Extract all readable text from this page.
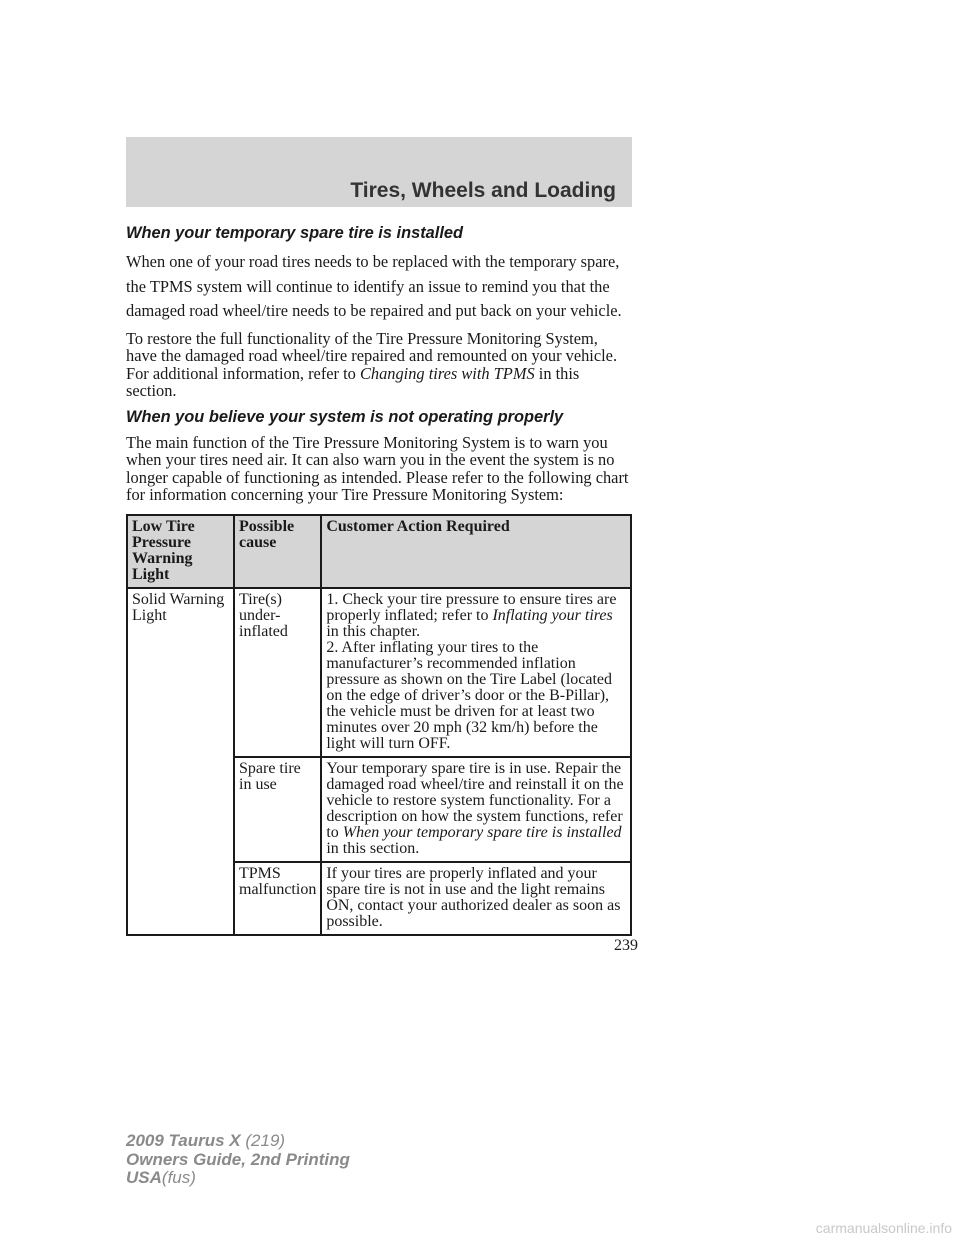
Tires, Wheels and Loading
When your temporary spare tire is installed

When one of your road tires needs to be replaced with the temporary spare, the TPMS system will continue to identify an issue to remind you that the damaged road wheel/tire needs to be repaired and put back on your vehicle.

To restore the full functionality of the Tire Pressure Monitoring System, have the damaged road wheel/tire repaired and remounted on your vehicle. For additional information, refer to Changing tires with TPMS in this section.

When you believe your system is not operating properly

The main function of the Tire Pressure Monitoring System is to warn you when your tires need air. It can also warn you in the event the system is no longer capable of functioning as intended. Please refer to the following chart for information concerning your Tire Pressure Monitoring System:

Low Tire Pressure Warning Light	Possible cause	Customer Action Required
Solid Warning Light	Tire(s) under-inflated	1. Check your tire pressure to ensure tires are properly inflated; refer to Inflating your tires in this chapter.
2. After inflating your tires to the manufacturer’s recommended inflation pressure as shown on the Tire Label (located on the edge of driver’s door or the B-Pillar), the vehicle must be driven for at least two minutes over 20 mph (32 km/h) before the light will turn OFF.
	Spare tire in use	Your temporary spare tire is in use. Repair the damaged road wheel/tire and reinstall it on the vehicle to restore system functionality. For a description on how the system functions, refer to When your temporary spare tire is installed in this section.
	TPMS malfunction	If your tires are properly inflated and your spare tire is not in use and the light remains ON, contact your authorized dealer as soon as possible.
239
2009 Taurus X (219)
Owners Guide, 2nd Printing
USA(fus)
carmanualsonline.info
